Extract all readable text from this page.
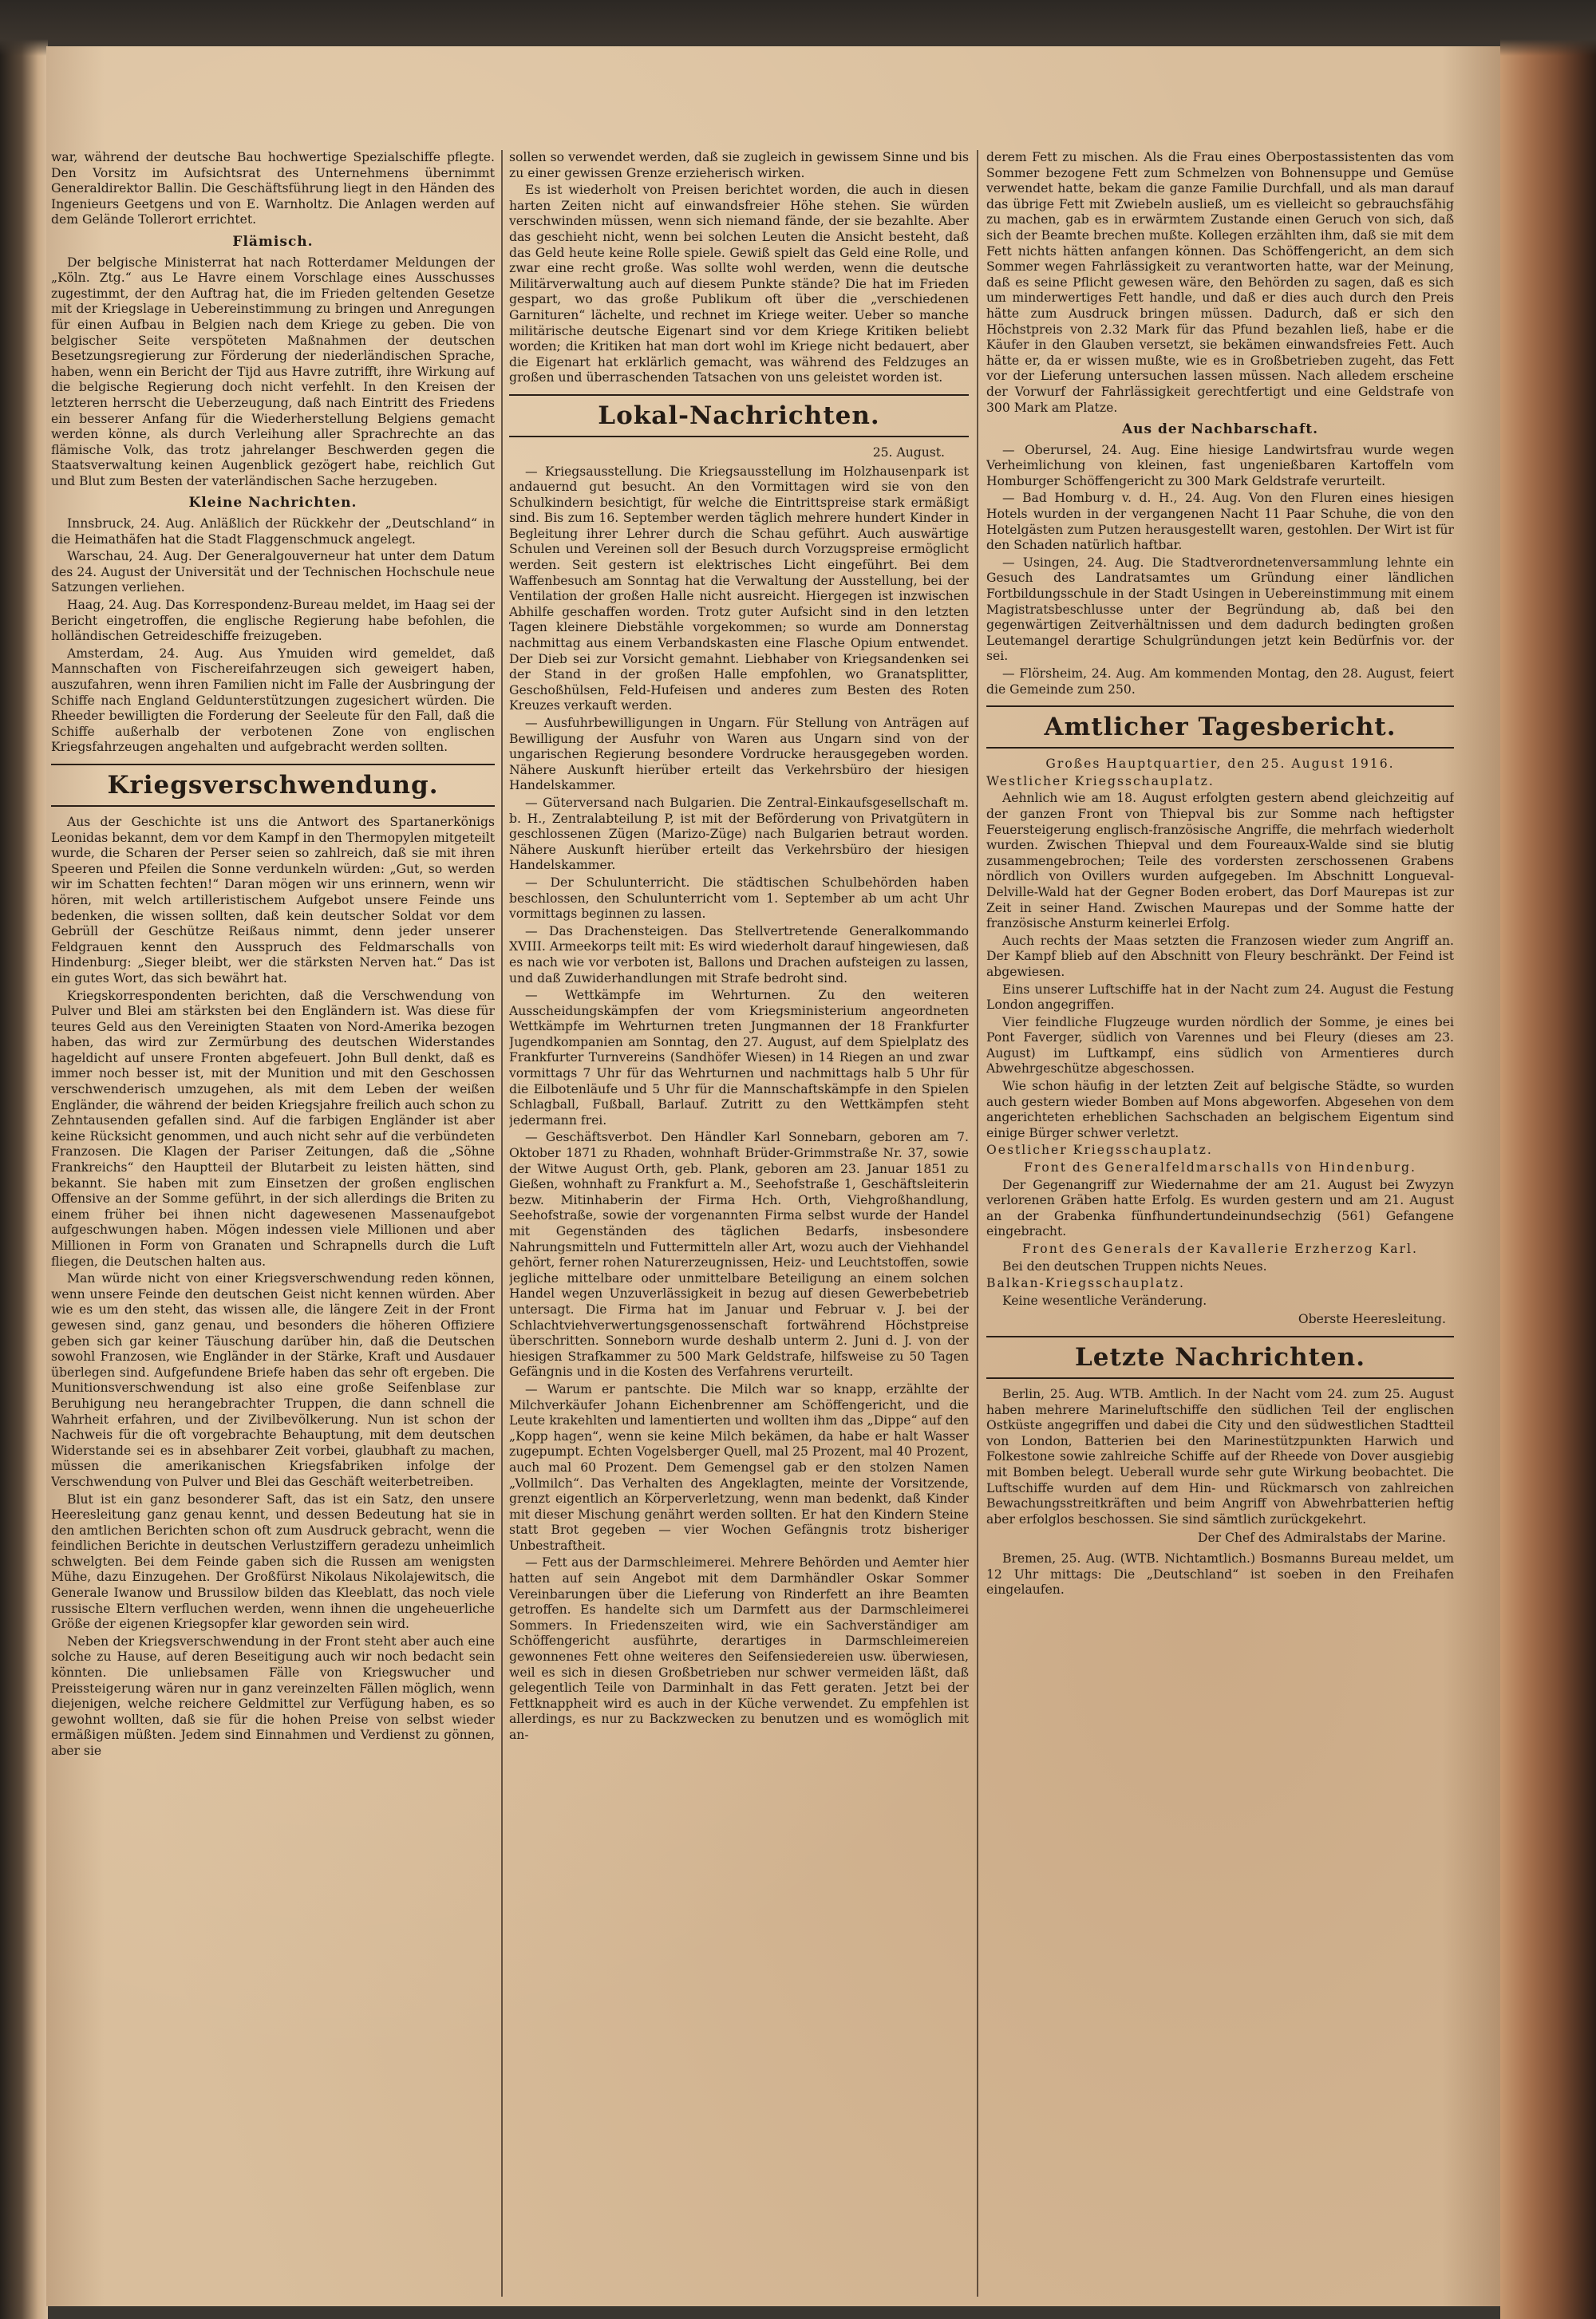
war, während der deutsche Bau hochwertige Spezialschiffe pflegte. Den Vorsitz im Aufsichtsrat des Unternehmens übernimmt Generaldirektor Ballin. Die Geschäftsführung liegt in den Händen des Ingenieurs Geetgens und von E. Warnholtz. Die Anlagen werden auf dem Gelände Tollerort errichtet.

Flämisch.

Der belgische Ministerrat hat nach Rotterdamer Meldungen der „Köln. Ztg.“ aus Le Havre einem Vorschlage eines Ausschusses zugestimmt, der den Auftrag hat, die im Frieden geltenden Gesetze mit der Kriegslage in Uebereinstimmung zu bringen und Anregungen für einen Aufbau in Belgien nach dem Kriege zu geben. Die von belgischer Seite verspöteten Maßnahmen der deutschen Besetzungsregierung zur Förderung der niederländischen Sprache, haben, wenn ein Bericht der Tijd aus Havre zutrifft, ihre Wirkung auf die belgische Regierung doch nicht verfehlt. In den Kreisen der letzteren herrscht die Ueberzeugung, daß nach Eintritt des Friedens ein besserer Anfang für die Wiederherstellung Belgiens gemacht werden könne, als durch Verleihung aller Sprachrechte an das flämische Volk, das trotz jahrelanger Beschwerden gegen die Staatsverwaltung keinen Augenblick gezögert habe, reichlich Gut und Blut zum Besten der vaterländischen Sache herzugeben.

Kleine Nachrichten.

Innsbruck, 24. Aug. Anläßlich der Rückkehr der „Deutschland“ in die Heimathäfen hat die Stadt Flaggenschmuck angelegt.

Warschau, 24. Aug. Der Generalgouverneur hat unter dem Datum des 24. August der Universität und der Technischen Hochschule neue Satzungen verliehen.

Haag, 24. Aug. Das Korrespondenz-Bureau meldet, im Haag sei der Bericht eingetroffen, die englische Regierung habe befohlen, die holländischen Getreideschiffe freizugeben.

Amsterdam, 24. Aug. Aus Ymuiden wird gemeldet, daß Mannschaften von Fischereifahrzeugen sich geweigert haben, auszufahren, wenn ihren Familien nicht im Falle der Ausbringung der Schiffe nach England Geldunterstützungen zugesichert würden. Die Rheeder bewilligten die Forderung der Seeleute für den Fall, daß die Schiffe außerhalb der verbotenen Zone von englischen Kriegsfahrzeugen angehalten und aufgebracht werden sollten.

Kriegsverschwendung.

Aus der Geschichte ist uns die Antwort des Spartanerkönigs Leonidas bekannt, dem vor dem Kampf in den Thermopylen mitgeteilt wurde, die Scharen der Perser seien so zahlreich, daß sie mit ihren Speeren und Pfeilen die Sonne verdunkeln würden: „Gut, so werden wir im Schatten fechten!“ Daran mögen wir uns erinnern, wenn wir hören, mit welch artilleristischem Aufgebot unsere Feinde uns bedenken, die wissen sollten, daß kein deutscher Soldat vor dem Gebrüll der Geschütze Reißaus nimmt, denn jeder unserer Feldgrauen kennt den Ausspruch des Feldmarschalls von Hindenburg: „Sieger bleibt, wer die stärksten Nerven hat.“ Das ist ein gutes Wort, das sich bewährt hat.

Kriegskorrespondenten berichten, daß die Verschwendung von Pulver und Blei am stärksten bei den Engländern ist. Was diese für teures Geld aus den Vereinigten Staaten von Nord-Amerika bezogen haben, das wird zur Zermürbung des deutschen Widerstandes hageldicht auf unsere Fronten abgefeuert. John Bull denkt, daß es immer noch besser ist, mit der Munition und mit den Geschossen verschwenderisch umzugehen, als mit dem Leben der weißen Engländer, die während der beiden Kriegsjahre freilich auch schon zu Zehntausenden gefallen sind. Auf die farbigen Engländer ist aber keine Rücksicht genommen, und auch nicht sehr auf die verbündeten Franzosen. Die Klagen der Pariser Zeitungen, daß die „Söhne Frankreichs“ den Hauptteil der Blutarbeit zu leisten hätten, sind bekannt. Sie haben mit zum Einsetzen der großen englischen Offensive an der Somme geführt, in der sich allerdings die Briten zu einem früher bei ihnen nicht dagewesenen Massenaufgebot aufgeschwungen haben. Mögen indessen viele Millionen und aber Millionen in Form von Granaten und Schrapnells durch die Luft fliegen, die Deutschen halten aus.

Man würde nicht von einer Kriegsverschwendung reden können, wenn unsere Feinde den deutschen Geist nicht kennen würden. Aber wie es um den steht, das wissen alle, die längere Zeit in der Front gewesen sind, ganz genau, und besonders die höheren Offiziere geben sich gar keiner Täuschung darüber hin, daß die Deutschen sowohl Franzosen, wie Engländer in der Stärke, Kraft und Ausdauer überlegen sind. Aufgefundene Briefe haben das sehr oft ergeben. Die Munitionsverschwendung ist also eine große Seifenblase zur Beruhigung neu herangebrachter Truppen, die dann schnell die Wahrheit erfahren, und der Zivilbevölkerung. Nun ist schon der Nachweis für die oft vorgebrachte Behauptung, mit dem deutschen Widerstande sei es in absehbarer Zeit vorbei, glaubhaft zu machen, müssen die amerikanischen Kriegsfabriken infolge der Verschwendung von Pulver und Blei das Geschäft weiterbetreiben.

Blut ist ein ganz besonderer Saft, das ist ein Satz, den unsere Heeresleitung ganz genau kennt, und dessen Bedeutung hat sie in den amtlichen Berichten schon oft zum Ausdruck gebracht, wenn die feindlichen Berichte in deutschen Verlustziffern geradezu unheimlich schwelgten. Bei dem Feinde gaben sich die Russen am wenigsten Mühe, dazu Einzugehen. Der Großfürst Nikolaus Nikolajewitsch, die Generale Iwanow und Brussilow bilden das Kleeblatt, das noch viele russische Eltern verfluchen werden, wenn ihnen die ungeheuerliche Größe der eigenen Kriegsopfer klar geworden sein wird.

Neben der Kriegsverschwendung in der Front steht aber auch eine solche zu Hause, auf deren Beseitigung auch wir noch bedacht sein könnten. Die unliebsamen Fälle von Kriegswucher und Preissteigerung wären nur in ganz vereinzelten Fällen möglich, wenn diejenigen, welche reichere Geldmittel zur Verfügung haben, es so gewohnt wollten, daß sie für die hohen Preise von selbst wieder ermäßigen müßten. Jedem sind Einnahmen und Verdienst zu gönnen, aber sie

sollen so verwendet werden, daß sie zugleich in gewissem Sinne und bis zu einer gewissen Grenze erzieherisch wirken.

Es ist wiederholt von Preisen berichtet worden, die auch in diesen harten Zeiten nicht auf einwandsfreier Höhe stehen. Sie würden verschwinden müssen, wenn sich niemand fände, der sie bezahlte. Aber das geschieht nicht, wenn bei solchen Leuten die Ansicht besteht, daß das Geld heute keine Rolle spiele. Gewiß spielt das Geld eine Rolle, und zwar eine recht große. Was sollte wohl werden, wenn die deutsche Militärverwaltung auch auf diesem Punkte stände? Die hat im Frieden gespart, wo das große Publikum oft über die „verschiedenen Garnituren“ lächelte, und rechnet im Kriege weiter. Ueber so manche militärische deutsche Eigenart sind vor dem Kriege Kritiken beliebt worden; die Kritiken hat man dort wohl im Kriege nicht bedauert, aber die Eigenart hat erklärlich gemacht, was während des Feldzuges an großen und überraschenden Tatsachen von uns geleistet worden ist.

Lokal-Nachrichten.
25. August.

— Kriegsausstellung. Die Kriegsausstellung im Holzhausenpark ist andauernd gut besucht. An den Vormittagen wird sie von den Schulkindern besichtigt, für welche die Eintrittspreise stark ermäßigt sind. Bis zum 16. September werden täglich mehrere hundert Kinder in Begleitung ihrer Lehrer durch die Schau geführt. Auch auswärtige Schulen und Vereinen soll der Besuch durch Vorzugspreise ermöglicht werden. Seit gestern ist elektrisches Licht eingeführt. Bei dem Waffenbesuch am Sonntag hat die Verwaltung der Ausstellung, bei der Ventilation der großen Halle nicht ausreicht. Hiergegen ist inzwischen Abhilfe geschaffen worden. Trotz guter Aufsicht sind in den letzten Tagen kleinere Diebstähle vorgekommen; so wurde am Donnerstag nachmittag aus einem Verbandskasten eine Flasche Opium entwendet. Der Dieb sei zur Vorsicht gemahnt. Liebhaber von Kriegsandenken sei der Stand in der großen Halle empfohlen, wo Granatsplitter, Geschoßhülsen, Feld-Hufeisen und anderes zum Besten des Roten Kreuzes verkauft werden.

— Ausfuhrbewilligungen in Ungarn. Für Stellung von Anträgen auf Bewilligung der Ausfuhr von Waren aus Ungarn sind von der ungarischen Regierung besondere Vordrucke herausgegeben worden. Nähere Auskunft hierüber erteilt das Verkehrsbüro der hiesigen Handelskammer.

— Güterversand nach Bulgarien. Die Zentral-Einkaufsgesellschaft m. b. H., Zentralabteilung P, ist mit der Beförderung von Privatgütern in geschlossenen Zügen (Marizo-Züge) nach Bulgarien betraut worden. Nähere Auskunft hierüber erteilt das Verkehrsbüro der hiesigen Handelskammer.

— Der Schulunterricht. Die städtischen Schulbehörden haben beschlossen, den Schulunterricht vom 1. September ab um acht Uhr vormittags beginnen zu lassen.

— Das Drachensteigen. Das Stellvertretende Generalkommando XVIII. Armeekorps teilt mit: Es wird wiederholt darauf hingewiesen, daß es nach wie vor verboten ist, Ballons und Drachen aufsteigen zu lassen, und daß Zuwiderhandlungen mit Strafe bedroht sind.

— Wettkämpfe im Wehrturnen. Zu den weiteren Ausscheidungskämpfen der vom Kriegsministerium angeordneten Wettkämpfe im Wehrturnen treten Jungmannen der 18 Frankfurter Jugendkompanien am Sonntag, den 27. August, auf dem Spielplatz des Frankfurter Turnvereins (Sandhöfer Wiesen) in 14 Riegen an und zwar vormittags 7 Uhr für das Wehrturnen und nachmittags halb 5 Uhr für die Eilbotenläufe und 5 Uhr für die Mannschaftskämpfe in den Spielen Schlagball, Fußball, Barlauf. Zutritt zu den Wettkämpfen steht jedermann frei.

— Geschäftsverbot. Den Händler Karl Sonnebarn, geboren am 7. Oktober 1871 zu Rhaden, wohnhaft Brüder-Grimmstraße Nr. 37, sowie der Witwe August Orth, geb. Plank, geboren am 23. Januar 1851 zu Gießen, wohnhaft zu Frankfurt a. M., Seehofstraße 1, Geschäftsleiterin bezw. Mitinhaberin der Firma Hch. Orth, Viehgroßhandlung, Seehofstraße, sowie der vorgenannten Firma selbst wurde der Handel mit Gegenständen des täglichen Bedarfs, insbesondere Nahrungsmitteln und Futtermitteln aller Art, wozu auch der Viehhandel gehört, ferner rohen Naturerzeugnissen, Heiz- und Leuchtstoffen, sowie jegliche mittelbare oder unmittelbare Beteiligung an einem solchen Handel wegen Unzuverlässigkeit in bezug auf diesen Gewerbebetrieb untersagt. Die Firma hat im Januar und Februar v. J. bei der Schlachtviehverwertungsgenossenschaft fortwährend Höchstpreise überschritten. Sonneborn wurde deshalb unterm 2. Juni d. J. von der hiesigen Strafkammer zu 500 Mark Geldstrafe, hilfsweise zu 50 Tagen Gefängnis und in die Kosten des Verfahrens verurteilt.

— Warum er pantschte. Die Milch war so knapp, erzählte der Milchverkäufer Johann Eichenbrenner am Schöffengericht, und die Leute krakehlten und lamentierten und wollten ihm das „Dippe“ auf den „Kopp hagen“, wenn sie keine Milch bekämen, da habe er halt Wasser zugepumpt. Echten Vogelsberger Quell, mal 25 Prozent, mal 40 Prozent, auch mal 60 Prozent. Dem Gemengsel gab er den stolzen Namen „Vollmilch“. Das Verhalten des Angeklagten, meinte der Vorsitzende, grenzt eigentlich an Körperverletzung, wenn man bedenkt, daß Kinder mit dieser Mischung genährt werden sollten. Er hat den Kindern Steine statt Brot gegeben — vier Wochen Gefängnis trotz bisheriger Unbestraftheit.

— Fett aus der Darmschleimerei. Mehrere Behörden und Aemter hier hatten auf sein Angebot mit dem Darmhändler Oskar Sommer Vereinbarungen über die Lieferung von Rinderfett an ihre Beamten getroffen. Es handelte sich um Darmfett aus der Darmschleimerei Sommers. In Friedenszeiten wird, wie ein Sachverständiger am Schöffengericht ausführte, derartiges in Darmschleimereien gewonnenes Fett ohne weiteres den Seifensiedereien usw. überwiesen, weil es sich in diesen Großbetrieben nur schwer vermeiden läßt, daß gelegentlich Teile von Darminhalt in das Fett geraten. Jetzt bei der Fettknappheit wird es auch in der Küche verwendet. Zu empfehlen ist allerdings, es nur zu Backzwecken zu benutzen und es womöglich mit an-

derem Fett zu mischen. Als die Frau eines Oberpostassistenten das vom Sommer bezogene Fett zum Schmelzen von Bohnensuppe und Gemüse verwendet hatte, bekam die ganze Familie Durchfall, und als man darauf das übrige Fett mit Zwiebeln ausließ, um es vielleicht so gebrauchsfähig zu machen, gab es in erwärmtem Zustande einen Geruch von sich, daß sich der Beamte brechen mußte. Kollegen erzählten ihm, daß sie mit dem Fett nichts hätten anfangen können. Das Schöffengericht, an dem sich Sommer wegen Fahrlässigkeit zu verantworten hatte, war der Meinung, daß es seine Pflicht gewesen wäre, den Behörden zu sagen, daß es sich um minderwertiges Fett handle, und daß er dies auch durch den Preis hätte zum Ausdruck bringen müssen. Dadurch, daß er sich den Höchstpreis von 2.32 Mark für das Pfund bezahlen ließ, habe er die Käufer in den Glauben versetzt, sie bekämen einwandsfreies Fett. Auch hätte er, da er wissen mußte, wie es in Großbetrieben zugeht, das Fett vor der Lieferung untersuchen lassen müssen. Nach alledem erscheine der Vorwurf der Fahrlässigkeit gerechtfertigt und eine Geldstrafe von 300 Mark am Platze.

Aus der Nachbarschaft.

— Oberursel, 24. Aug. Eine hiesige Landwirtsfrau wurde wegen Verheimlichung von kleinen, fast ungenießbaren Kartoffeln vom Homburger Schöffengericht zu 300 Mark Geldstrafe verurteilt.

— Bad Homburg v. d. H., 24. Aug. Von den Fluren eines hiesigen Hotels wurden in der vergangenen Nacht 11 Paar Schuhe, die von den Hotelgästen zum Putzen herausgestellt waren, gestohlen. Der Wirt ist für den Schaden natürlich haftbar.

— Usingen, 24. Aug. Die Stadtverordnetenversammlung lehnte ein Gesuch des Landratsamtes um Gründung einer ländlichen Fortbildungsschule in der Stadt Usingen in Uebereinstimmung mit einem Magistratsbeschlusse unter der Begründung ab, daß bei den gegenwärtigen Zeitverhältnissen und dem dadurch bedingten großen Leutemangel derartige Schulgründungen jetzt kein Bedürfnis vor. der sei.

— Flörsheim, 24. Aug. Am kommenden Montag, den 28. August, feiert die Gemeinde zum 250.

Amtlicher Tagesbericht.

Großes Hauptquartier, den 25. August 1916.

Westlicher Kriegsschauplatz.

Aehnlich wie am 18. August erfolgten gestern abend gleichzeitig auf der ganzen Front von Thiepval bis zur Somme nach heftigster Feuersteigerung englisch-französische Angriffe, die mehrfach wiederholt wurden. Zwischen Thiepval und dem Foureaux-Walde sind sie blutig zusammengebrochen; Teile des vordersten zerschossenen Grabens nördlich von Ovillers wurden aufgegeben. Im Abschnitt Longueval-Delville-Wald hat der Gegner Boden erobert, das Dorf Maurepas ist zur Zeit in seiner Hand. Zwischen Maurepas und der Somme hatte der französische Ansturm keinerlei Erfolg.

Auch rechts der Maas setzten die Franzosen wieder zum Angriff an. Der Kampf blieb auf den Abschnitt von Fleury beschränkt. Der Feind ist abgewiesen.

Eins unserer Luftschiffe hat in der Nacht zum 24. August die Festung London angegriffen.

Vier feindliche Flugzeuge wurden nördlich der Somme, je eines bei Pont Faverger, südlich von Varennes und bei Fleury (dieses am 23. August) im Luftkampf, eins südlich von Armentieres durch Abwehrgeschütze abgeschossen.

Wie schon häufig in der letzten Zeit auf belgische Städte, so wurden auch gestern wieder Bomben auf Mons abgeworfen. Abgesehen von dem angerichteten erheblichen Sachschaden an belgischem Eigentum sind einige Bürger schwer verletzt.

Oestlicher Kriegsschauplatz.

Front des Generalfeldmarschalls von Hindenburg.

Der Gegenangriff zur Wiedernahme der am 21. August bei Zwyzyn verlorenen Gräben hatte Erfolg. Es wurden gestern und am 21. August an der Grabenka fünfhundertundeinundsechzig (561) Gefangene eingebracht.

Front des Generals der Kavallerie Erzherzog Karl.

Bei den deutschen Truppen nichts Neues.

Balkan-Kriegsschauplatz.

Keine wesentliche Veränderung.

Oberste Heeresleitung.

Letzte Nachrichten.

Berlin, 25. Aug. WTB. Amtlich. In der Nacht vom 24. zum 25. August haben mehrere Marineluftschiffe den südlichen Teil der englischen Ostküste angegriffen und dabei die City und den südwestlichen Stadtteil von London, Batterien bei den Marinestützpunkten Harwich und Folkestone sowie zahlreiche Schiffe auf der Rheede von Dover ausgiebig mit Bomben belegt. Ueberall wurde sehr gute Wirkung beobachtet. Die Luftschiffe wurden auf dem Hin- und Rückmarsch von zahlreichen Bewachungsstreitkräften und beim Angriff von Abwehrbatterien heftig aber erfolglos beschossen. Sie sind sämtlich zurückgekehrt.

Der Chef des Admiralstabs der Marine.

Bremen, 25. Aug. (WTB. Nichtamtlich.) Bosmanns Bureau meldet, um 12 Uhr mittags: Die „Deutschland“ ist soeben in den Freihafen eingelaufen.
